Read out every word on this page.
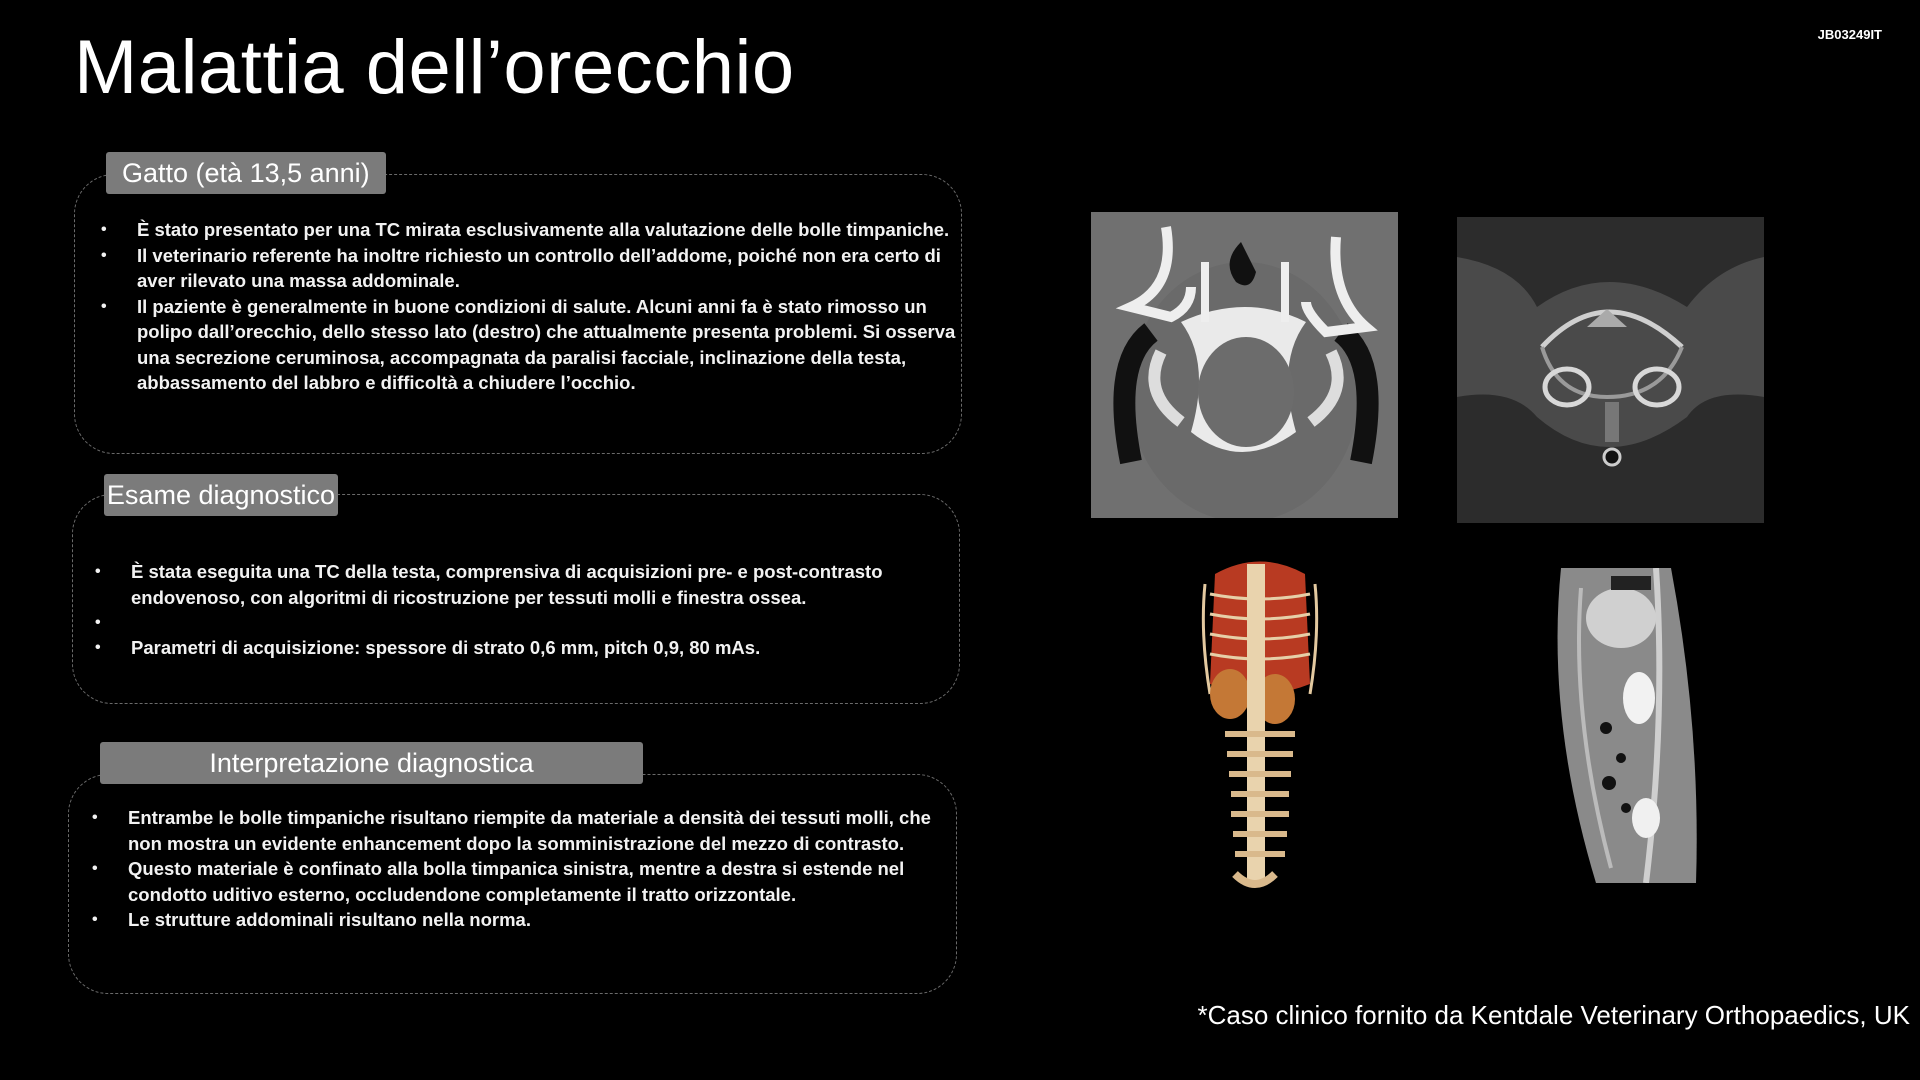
Malattia dell’orecchio	JB03249IT
• È stato presentato per una TC mirata esclusivamente alla valutazione delle bolle timpaniche.
• Il veterinario referente ha inoltre richiesto un controllo dell’addome, poiché non era certo di aver rilevato una massa addominale.
• Il paziente è generalmente in buone condizioni di salute. Alcuni anni fa è stato rimosso un polipo dall’orecchio, dello stesso lato (destro) che attualmente presenta problemi. Si osserva una secrezione ceruminosa, accompagnata da paralisi facciale, inclinazione della testa, abbassamento del labbro e difficoltà a chiudere l’occhio.
Gatto (età 13,5 anni)
• È stata eseguita una TC della testa, comprensiva di acquisizioni pre- e post-contrasto endovenoso, con algoritmi di ricostruzione per tessuti molli e finestra ossea.
•
• Parametri di acquisizione: spessore di strato 0,6 mm, pitch 0,9, 80 mAs.
Esame diagnostico
• Entrambe le bolle timpaniche risultano riempite da materiale a densità dei tessuti molli, che non mostra un evidente enhancement dopo la somministrazione del mezzo di contrasto.
• Questo materiale è confinato alla bolla timpanica sinistra, mentre a destra si estende nel condotto uditivo esterno, occludendone completamente il tratto orizzontale.
• Le strutture addominali risultano nella norma.
Interpretazione diagnostica
*Caso clinico fornito da Kentdale Veterinary Orthopaedics, UK
